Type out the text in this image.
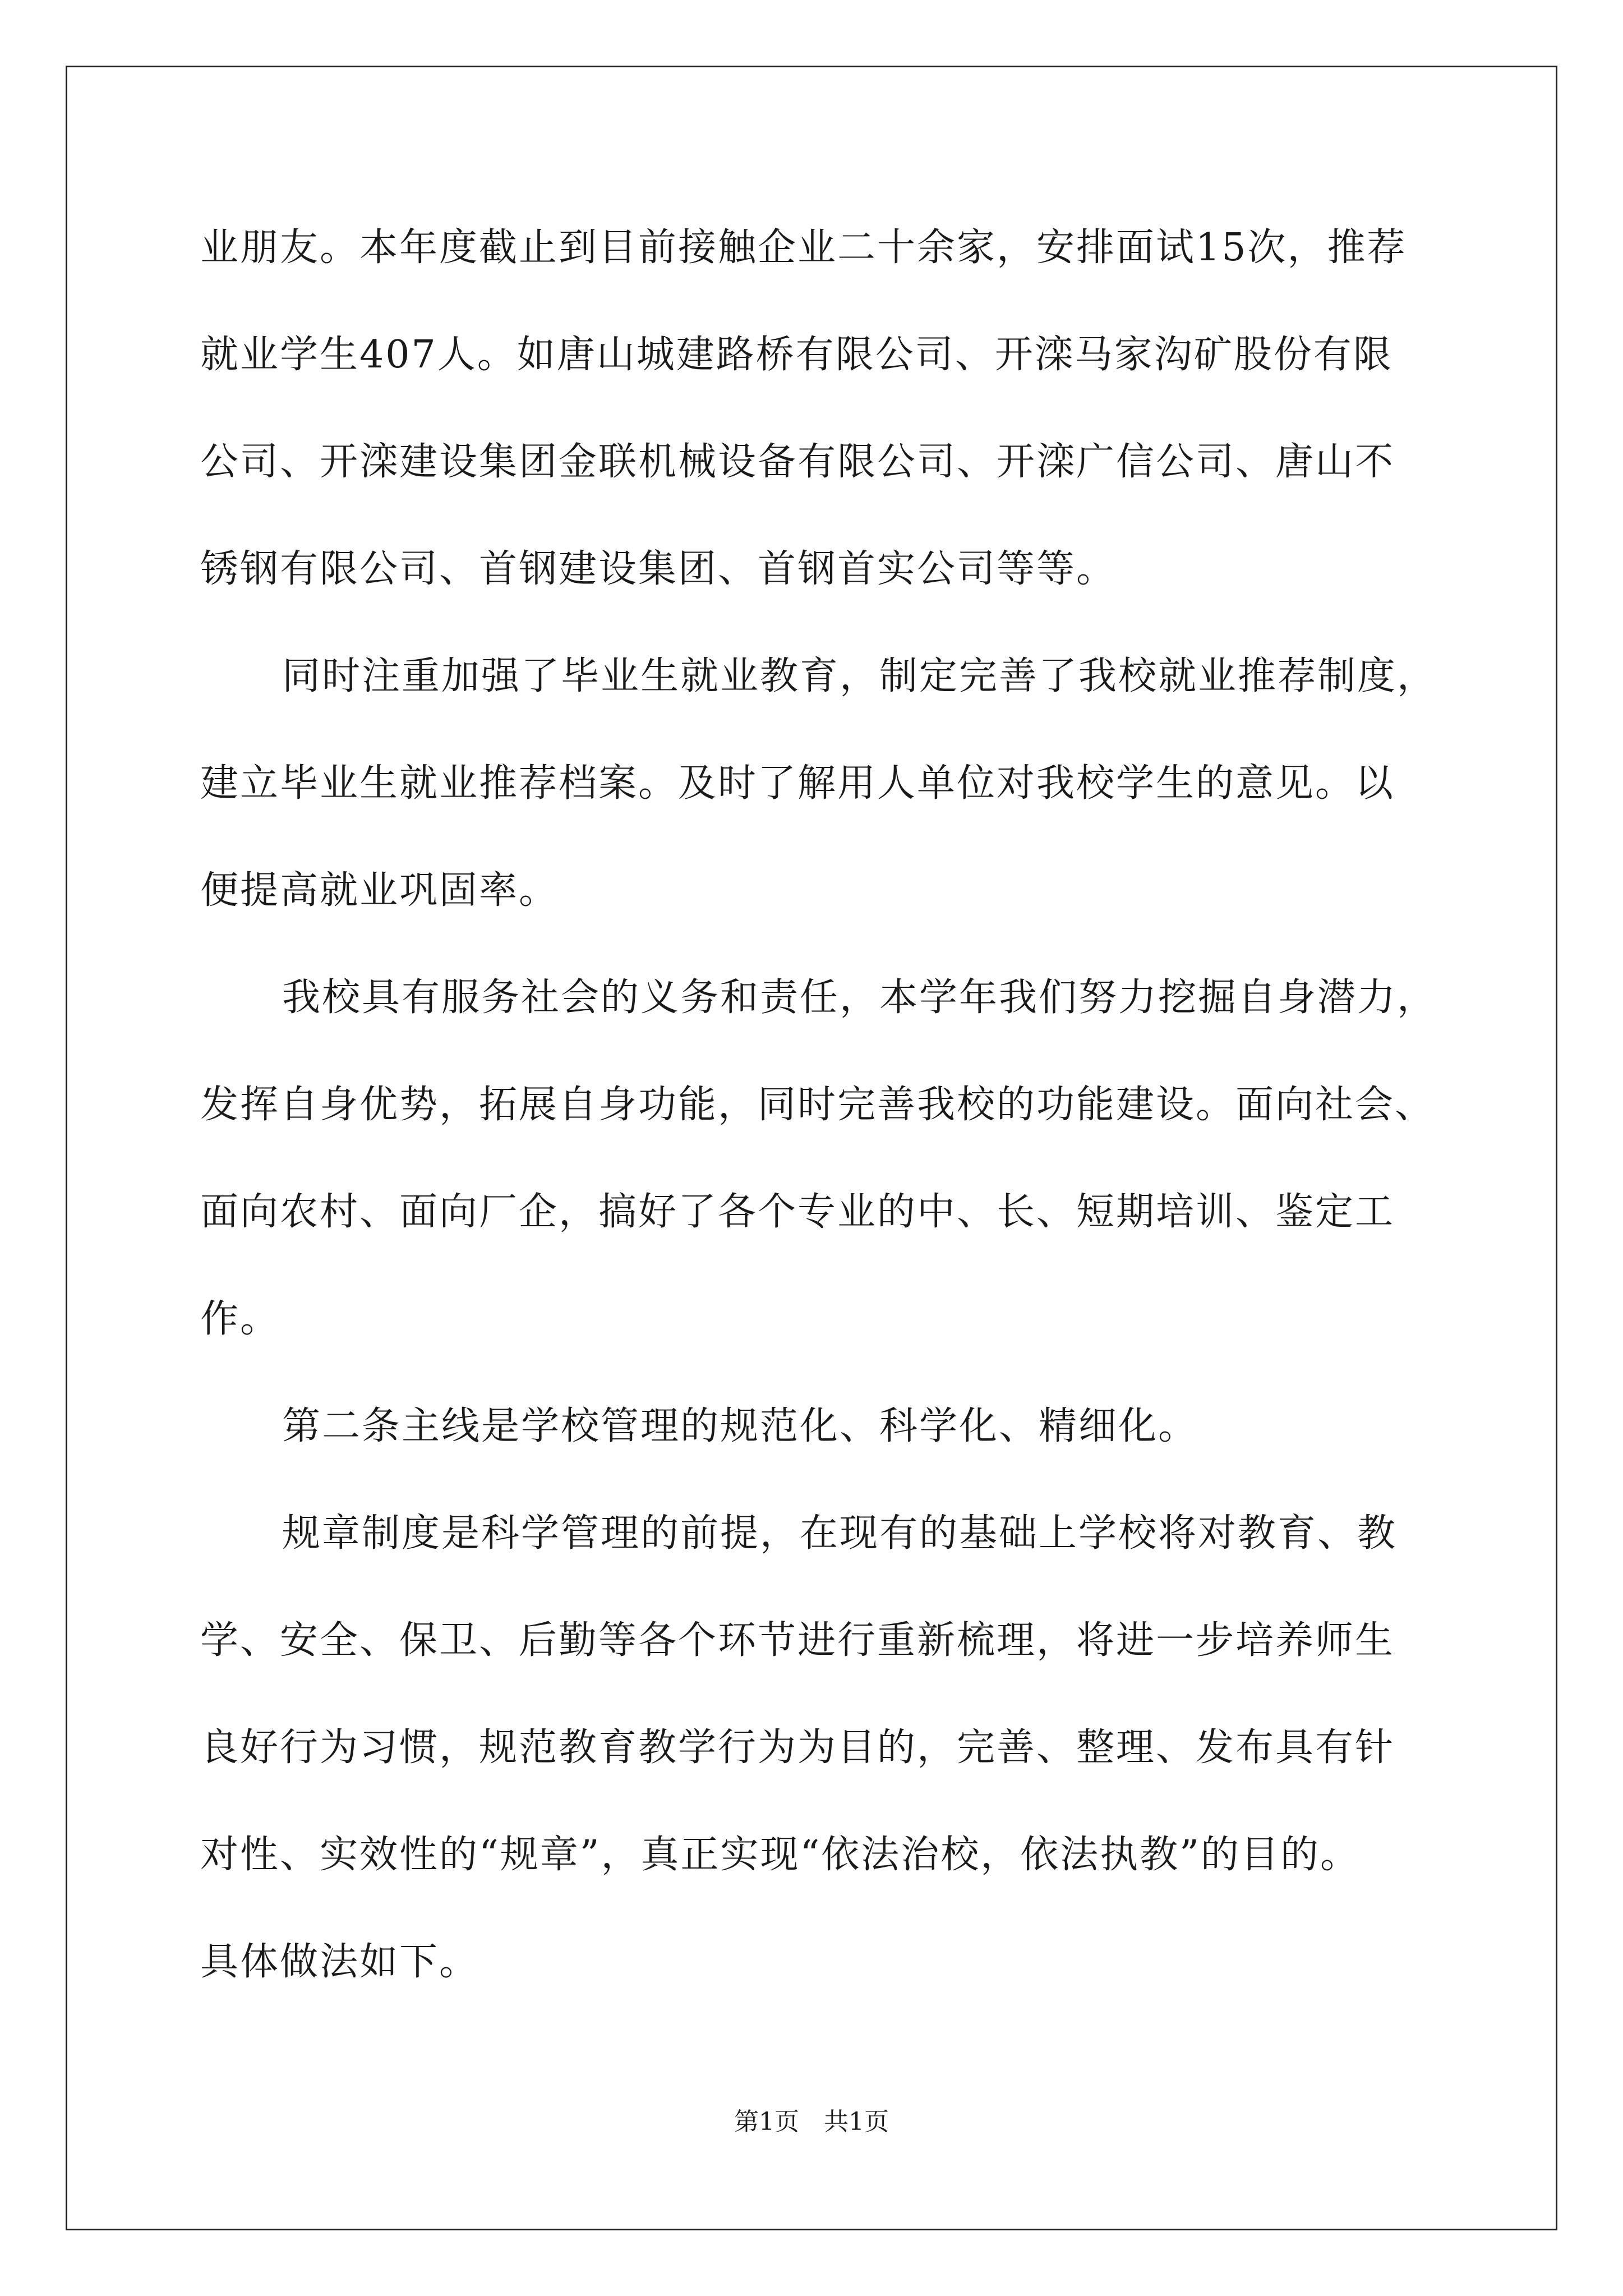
业朋友。本年度截止到目前接触企业二十余家，安排面试15次，推荐
就业学生407人。如唐山城建路桥有限公司、开滦马家沟矿股份有限
公司、开滦建设集团金联机械设备有限公司、开滦广信公司、唐山不
锈钢有限公司、首钢建设集团、首钢首实公司等等。
同时注重加强了毕业生就业教育，制定完善了我校就业推荐制度，
建立毕业生就业推荐档案。及时了解用人单位对我校学生的意见。以
便提高就业巩固率。
我校具有服务社会的义务和责任，本学年我们努力挖掘自身潜力，
发挥自身优势，拓展自身功能，同时完善我校的功能建设。面向社会、
面向农村、面向厂企，搞好了各个专业的中、长、短期培训、鉴定工
作。
第二条主线是学校管理的规范化、科学化、精细化。
规章制度是科学管理的前提，在现有的基础上学校将对教育、教
学、安全、保卫、后勤等各个环节进行重新梳理，将进一步培养师生
良好行为习惯，规范教育教学行为为目的，完善、整理、发布具有针
对性、实效性的“规章”，真正实现“依法治校，依法执教”的目的。
具体做法如下。
第1页　共1页
